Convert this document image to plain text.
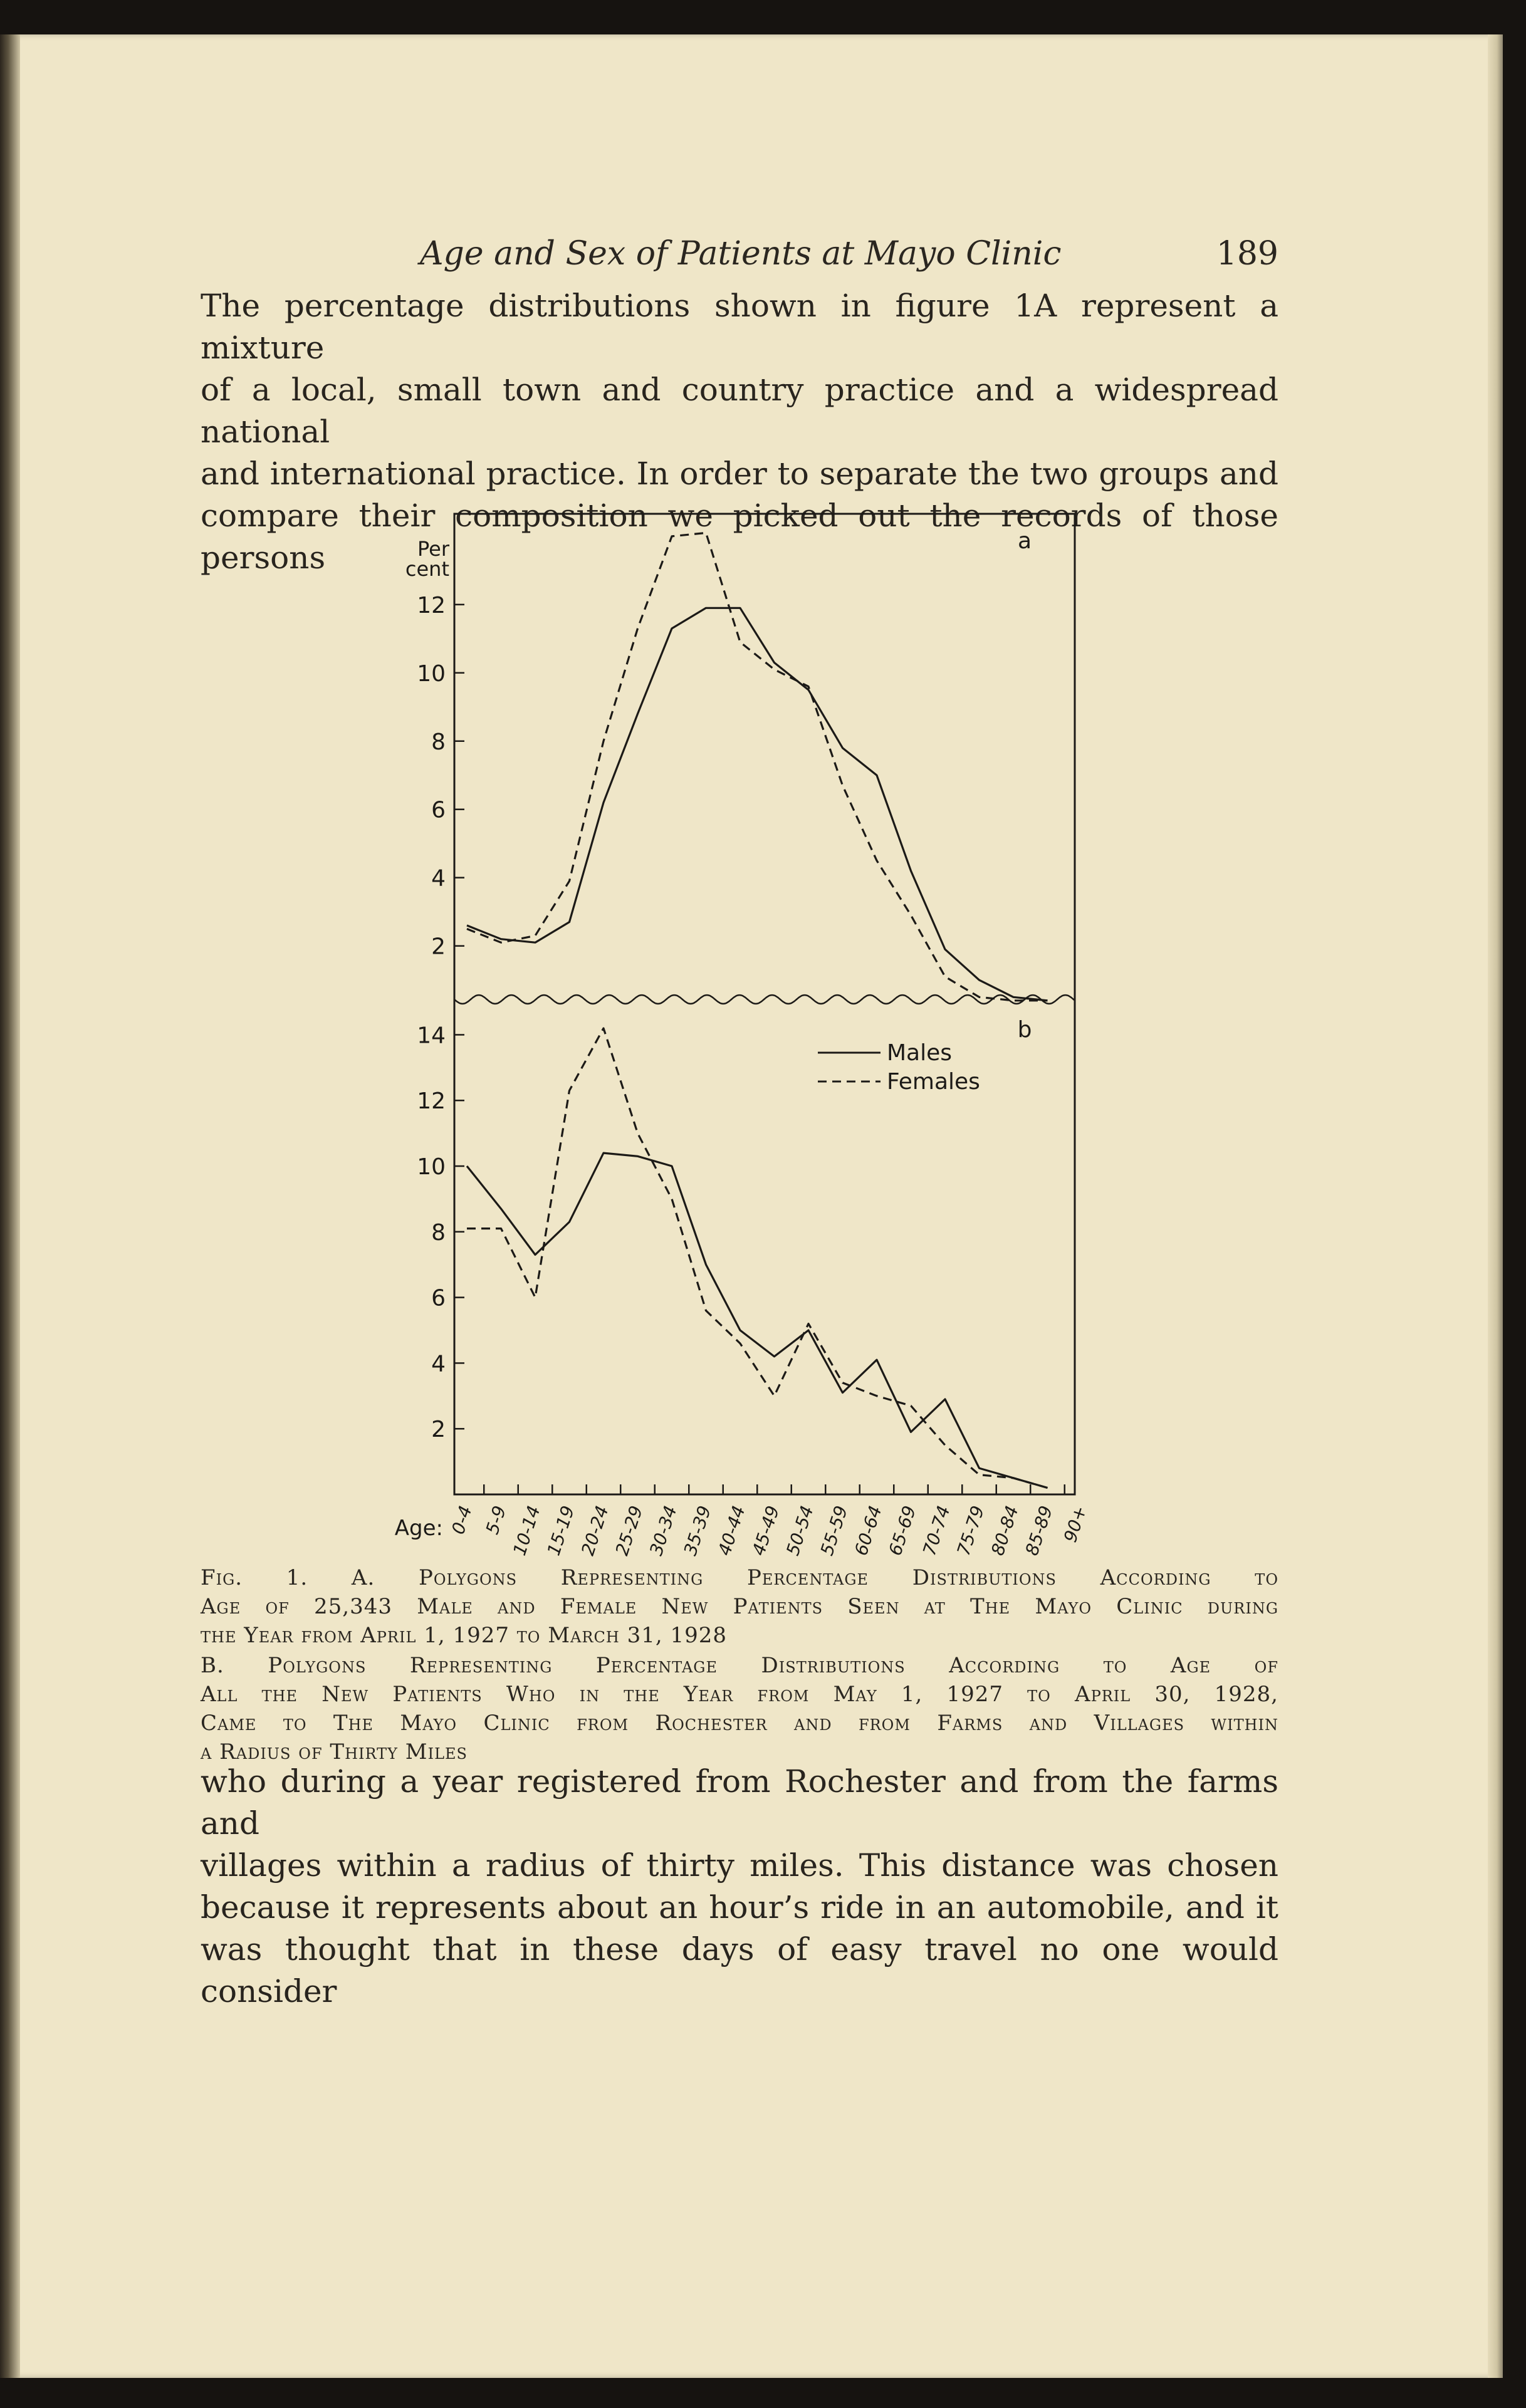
Age and Sex of Patients at Mayo Clinic	189
The percentage distributions shown in figure 1A represent a mixture
of a local, small town and country practice and a widespread national
and international practice. In order to separate the two groups and
compare their composition we picked out the records of those persons
2
4
6
8
10
12
Per cent
a
2
4
6
8
10
12
14	b
Males
Females
0-4 5-9
10-14
15-19
20-24
25-29
30-34
35-39
40-44
45-49
50-54
55-59
60-64
65-69
70-74
75-79
80-84
85-89 90+
Age:
Fig. 1. A. Polygons Representing Percentage Distributions According to
Age of 25,343 Male and Female New Patients Seen at The Mayo Clinic during
the Year from April 1, 1927 to March 31, 1928
B. Polygons Representing Percentage Distributions According to Age of
All the New Patients Who in the Year from May 1, 1927 to April 30, 1928,
Came to The Mayo Clinic from Rochester and from Farms and Villages within
a Radius of Thirty Miles
who during a year registered from Rochester and from the farms and
villages within a radius of thirty miles. This distance was chosen
because it represents about an hour’s ride in an automobile, and it
was thought that in these days of easy travel no one would consider
